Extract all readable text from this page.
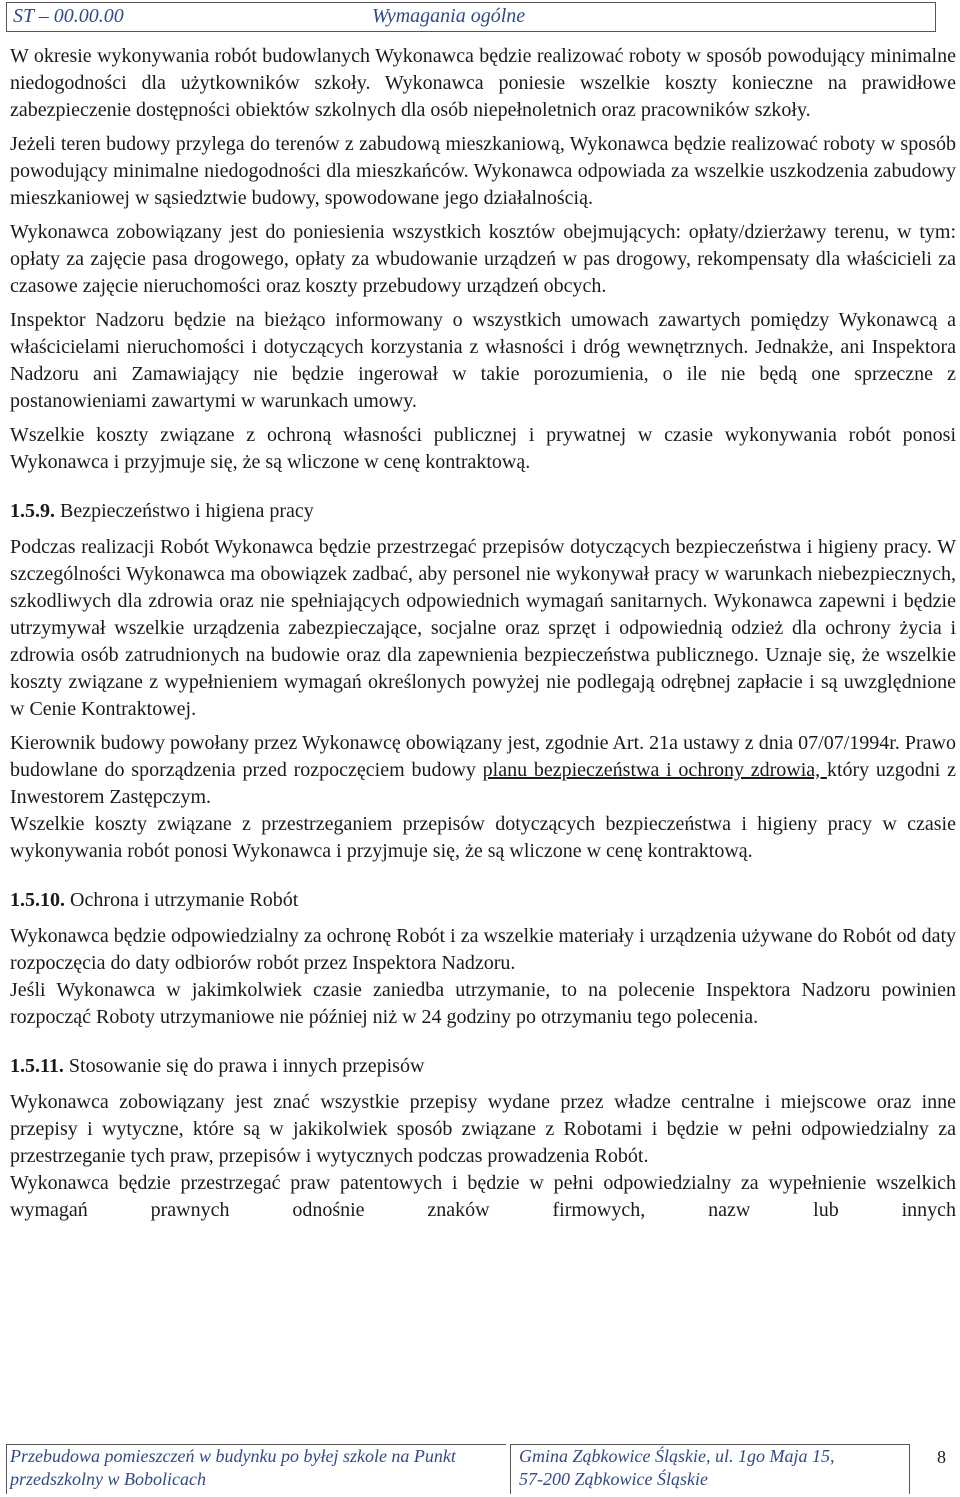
ST – 00.00.00	Wymagania ogólne

W okresie wykonywania robót budowlanych Wykonawca będzie realizować roboty w sposób powodujący minimalne niedogodności dla użytkowników szkoły. Wykonawca poniesie wszelkie koszty konieczne na prawidłowe zabezpieczenie dostępności obiektów szkolnych dla osób niepełnoletnich oraz pracowników szkoły.

Jeżeli teren budowy przylega do terenów z zabudową mieszkaniową, Wykonawca będzie realizować roboty w sposób powodujący minimalne niedogodności dla mieszkańców. Wykonawca odpowiada za wszelkie uszkodzenia zabudowy mieszkaniowej w sąsiedztwie budowy, spowodowane jego działalnością.

Wykonawca zobowiązany jest do poniesienia wszystkich kosztów obejmujących: opłaty/dzierżawy terenu, w tym: opłaty za zajęcie pasa drogowego, opłaty za wbudowanie urządzeń w pas drogowy, rekompensaty dla właścicieli za czasowe zajęcie nieruchomości oraz koszty przebudowy urządzeń obcych.

Inspektor Nadzoru będzie na bieżąco informowany o wszystkich umowach zawartych pomiędzy Wykonawcą a właścicielami nieruchomości i dotyczących korzystania z własności i dróg wewnętrznych. Jednakże, ani Inspektora Nadzoru ani Zamawiający nie będzie ingerował w takie porozumienia, o ile nie będą one sprzeczne z postanowieniami zawartymi w warunkach umowy.

Wszelkie koszty związane z ochroną własności publicznej i prywatnej w czasie wykonywania robót ponosi Wykonawca i przyjmuje się, że są wliczone w cenę kontraktową.

1.5.9. Bezpieczeństwo i higiena pracy

Podczas realizacji Robót Wykonawca będzie przestrzegać przepisów dotyczących bezpieczeństwa i higieny pracy. W szczególności Wykonawca ma obowiązek zadbać, aby personel nie wykonywał pracy w warunkach niebezpiecznych, szkodliwych dla zdrowia oraz nie spełniających odpowiednich wymagań sanitarnych. Wykonawca zapewni i będzie utrzymywał wszelkie urządzenia zabezpieczające, socjalne oraz sprzęt i odpowiednią odzież dla ochrony życia i zdrowia osób zatrudnionych na budowie oraz dla zapewnienia bezpieczeństwa publicznego. Uznaje się, że wszelkie koszty związane z wypełnieniem wymagań określonych powyżej nie podlegają odrębnej zapłacie i są uwzględnione w Cenie Kontraktowej.

Kierownik budowy powołany przez Wykonawcę obowiązany jest, zgodnie Art. 21a ustawy z dnia 07/07/1994r. Prawo budowlane do sporządzenia przed rozpoczęciem budowy planu bezpieczeństwa i ochrony zdrowia, który uzgodni z Inwestorem Zastępczym.

Wszelkie koszty związane z przestrzeganiem przepisów dotyczących bezpieczeństwa i higieny pracy w czasie wykonywania robót ponosi Wykonawca i przyjmuje się, że są wliczone w cenę kontraktową.

1.5.10. Ochrona i utrzymanie Robót

Wykonawca będzie odpowiedzialny za ochronę Robót i za wszelkie materiały i urządzenia używane do Robót od daty rozpoczęcia do daty odbiorów robót przez Inspektora Nadzoru.

Jeśli Wykonawca w jakimkolwiek czasie zaniedba utrzymanie, to na polecenie Inspektora Nadzoru powinien rozpocząć Roboty utrzymaniowe nie później niż w 24 godziny po otrzymaniu tego polecenia.

1.5.11. Stosowanie się do prawa i innych przepisów

Wykonawca zobowiązany jest znać wszystkie przepisy wydane przez władze centralne i miejscowe oraz inne przepisy i wytyczne, które są w jakikolwiek sposób związane z Robotami i będzie w pełni odpowiedzialny za przestrzeganie tych praw, przepisów i wytycznych podczas prowadzenia Robót.

Wykonawca będzie przestrzegać praw patentowych i będzie w pełni odpowiedzialny za wypełnienie wszelkich wymagań prawnych odnośnie znaków firmowych, nazw lub innych

Przebudowa pomieszczeń w budynku po byłej szkole na Punkt
przedszkolny w Bobolicach
Gmina Ząbkowice Śląskie, ul. 1go Maja 15,
57-200 Ząbkowice Śląskie
8
